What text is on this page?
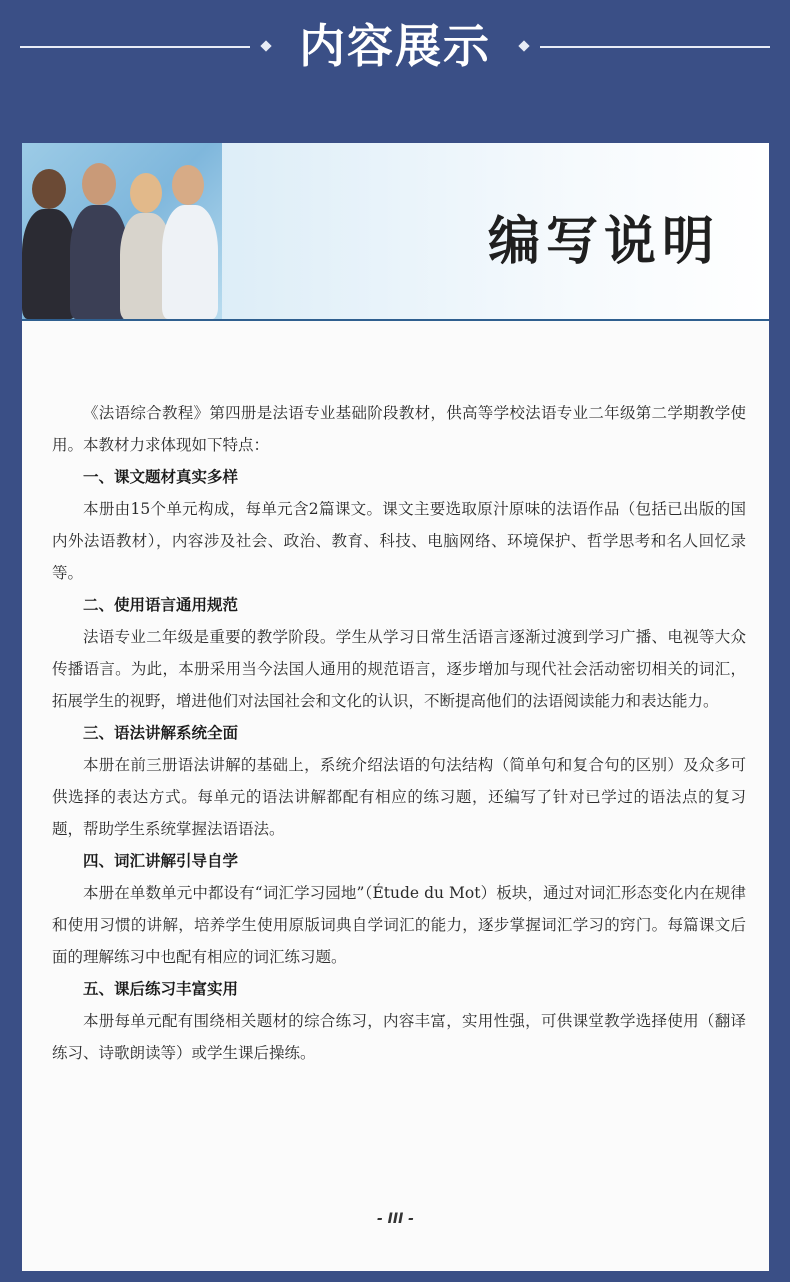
内容展示
编写说明

《法语综合教程》第四册是法语专业基础阶段教材，供高等学校法语专业二年级第二学期教学使用。本教材力求体现如下特点：

一、课文题材真实多样

本册由15个单元构成，每单元含2篇课文。课文主要选取原汁原味的法语作品（包括已出版的国内外法语教材），内容涉及社会、政治、教育、科技、电脑网络、环境保护、哲学思考和名人回忆录等。

二、使用语言通用规范

法语专业二年级是重要的教学阶段。学生从学习日常生活语言逐渐过渡到学习广播、电视等大众传播语言。为此，本册采用当今法国人通用的规范语言，逐步增加与现代社会活动密切相关的词汇，拓展学生的视野，增进他们对法国社会和文化的认识，不断提高他们的法语阅读能力和表达能力。

三、语法讲解系统全面

本册在前三册语法讲解的基础上，系统介绍法语的句法结构（简单句和复合句的区别）及众多可供选择的表达方式。每单元的语法讲解都配有相应的练习题，还编写了针对已学过的语法点的复习题，帮助学生系统掌握法语语法。

四、词汇讲解引导自学

本册在单数单元中都设有“词汇学习园地”（Étude du Mot）板块，通过对词汇形态变化内在规律和使用习惯的讲解，培养学生使用原版词典自学词汇的能力，逐步掌握词汇学习的窍门。每篇课文后面的理解练习中也配有相应的词汇练习题。

五、课后练习丰富实用

本册每单元配有围绕相关题材的综合练习，内容丰富，实用性强，可供课堂教学选择使用（翻译练习、诗歌朗读等）或学生课后操练。

- III -
